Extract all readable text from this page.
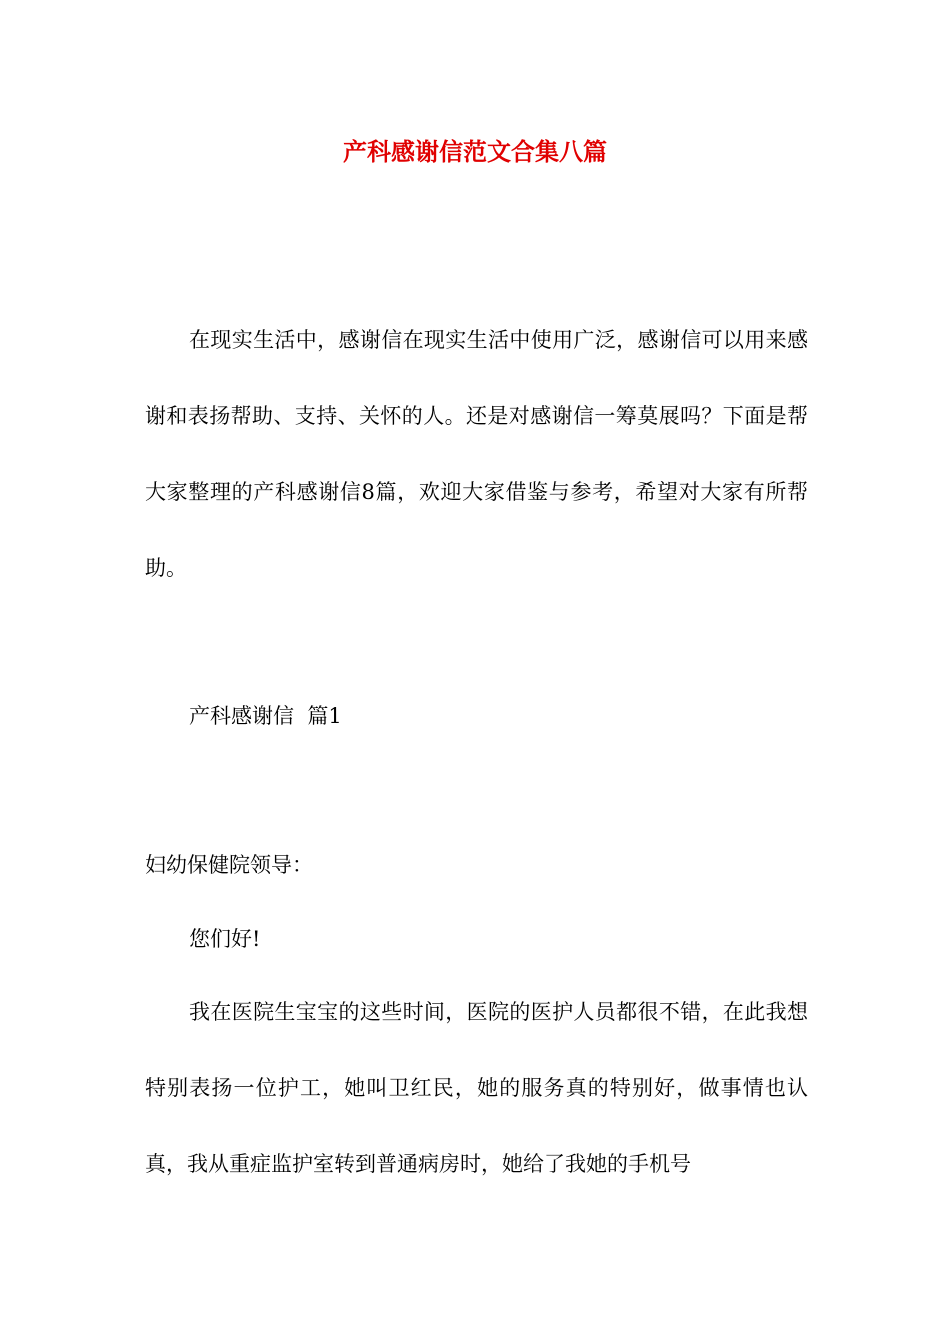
产科感谢信范文合集八篇

在现实生活中，感谢信在现实生活中使用广泛，感谢信可以用来感谢和表扬帮助、支持、关怀的人。还是对感谢信一筹莫展吗？下面是帮大家整理的产科感谢信8篇，欢迎大家借鉴与参考，希望对大家有所帮助。

产科感谢信  篇1

妇幼保健院领导：

您们好!

我在医院生宝宝的这些时间，医院的医护人员都很不错，在此我想特别表扬一位护工，她叫卫红民，她的服务真的特别好，做事情也认真，我从重症监护室转到普通病房时，她给了我她的手机号
